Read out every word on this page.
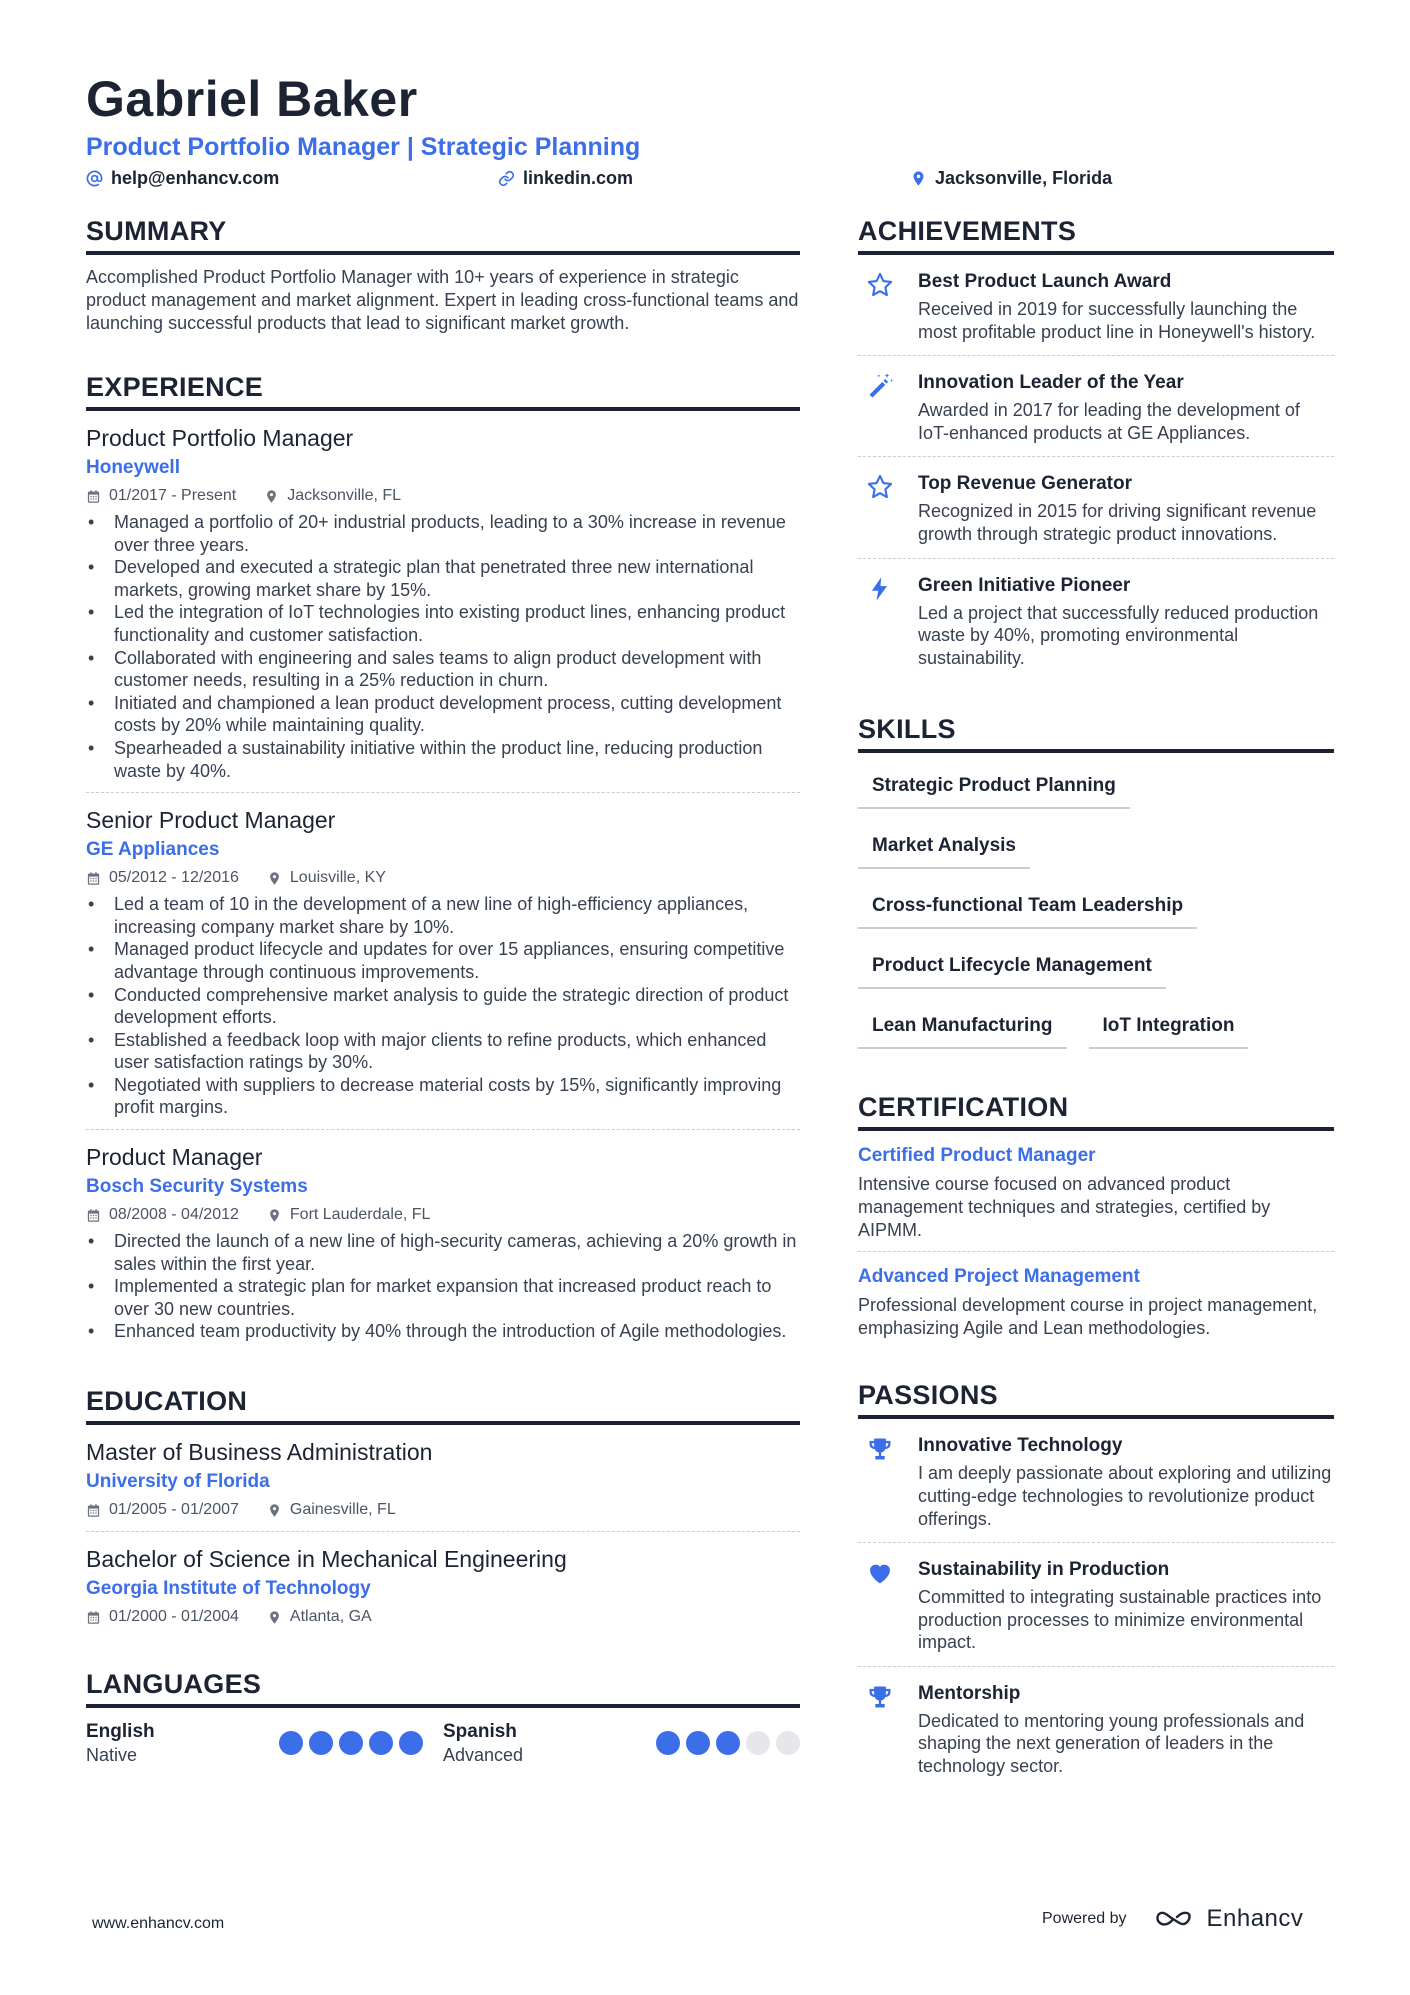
Gabriel Baker
Product Portfolio Manager | Strategic Planning
help@enhancv.com	linkedin.com	Jacksonville, Florida
SUMMARY
Accomplished Product Portfolio Manager with 10+ years of experience in strategic product management and market alignment. Expert in leading cross-functional teams and launching successful products that lead to significant market growth.
EXPERIENCE
Product Portfolio Manager
Honeywell
01/2017 - Present	Jacksonville, FL
• Managed a portfolio of 20+ industrial products, leading to a 30% increase in revenue over three years.
• Developed and executed a strategic plan that penetrated three new international markets, growing market share by 15%.
• Led the integration of IoT technologies into existing product lines, enhancing product functionality and customer satisfaction.
• Collaborated with engineering and sales teams to align product development with customer needs, resulting in a 25% reduction in churn.
• Initiated and championed a lean product development process, cutting development costs by 20% while maintaining quality.
• Spearheaded a sustainability initiative within the product line, reducing production waste by 40%.
Senior Product Manager
GE Appliances
05/2012 - 12/2016	Louisville, KY
• Led a team of 10 in the development of a new line of high-efficiency appliances, increasing company market share by 10%.
• Managed product lifecycle and updates for over 15 appliances, ensuring competitive advantage through continuous improvements.
• Conducted comprehensive market analysis to guide the strategic direction of product development efforts.
• Established a feedback loop with major clients to refine products, which enhanced user satisfaction ratings by 30%.
• Negotiated with suppliers to decrease material costs by 15%, significantly improving profit margins.
Product Manager
Bosch Security Systems
08/2008 - 04/2012	Fort Lauderdale, FL
• Directed the launch of a new line of high-security cameras, achieving a 20% growth in sales within the first year.
• Implemented a strategic plan for market expansion that increased product reach to over 30 new countries.
• Enhanced team productivity by 40% through the introduction of Agile methodologies.
EDUCATION
Master of Business Administration
University of Florida
01/2005 - 01/2007	Gainesville, FL
Bachelor of Science in Mechanical Engineering
Georgia Institute of Technology
01/2000 - 01/2004	Atlanta, GA
LANGUAGES
English
Native
Spanish
Advanced
ACHIEVEMENTS
Best Product Launch Award
Received in 2019 for successfully launching the most profitable product line in Honeywell's history.
Innovation Leader of the Year
Awarded in 2017 for leading the development of IoT-enhanced products at GE Appliances.
Top Revenue Generator
Recognized in 2015 for driving significant revenue growth through strategic product innovations.
Green Initiative Pioneer
Led a project that successfully reduced production waste by 40%, promoting environmental sustainability.
SKILLS
Strategic Product Planning
Market Analysis
Cross-functional Team Leadership
Product Lifecycle Management
Lean Manufacturing	IoT Integration
CERTIFICATION
Certified Product Manager
Intensive course focused on advanced product management techniques and strategies, certified by AIPMM.
Advanced Project Management
Professional development course in project management, emphasizing Agile and Lean methodologies.
PASSIONS
Innovative Technology
I am deeply passionate about exploring and utilizing cutting-edge technologies to revolutionize product offerings.
Sustainability in Production
Committed to integrating sustainable practices into production processes to minimize environmental impact.
Mentorship
Dedicated to mentoring young professionals and shaping the next generation of leaders in the technology sector.
www.enhancv.com	Powered by	Enhancv
